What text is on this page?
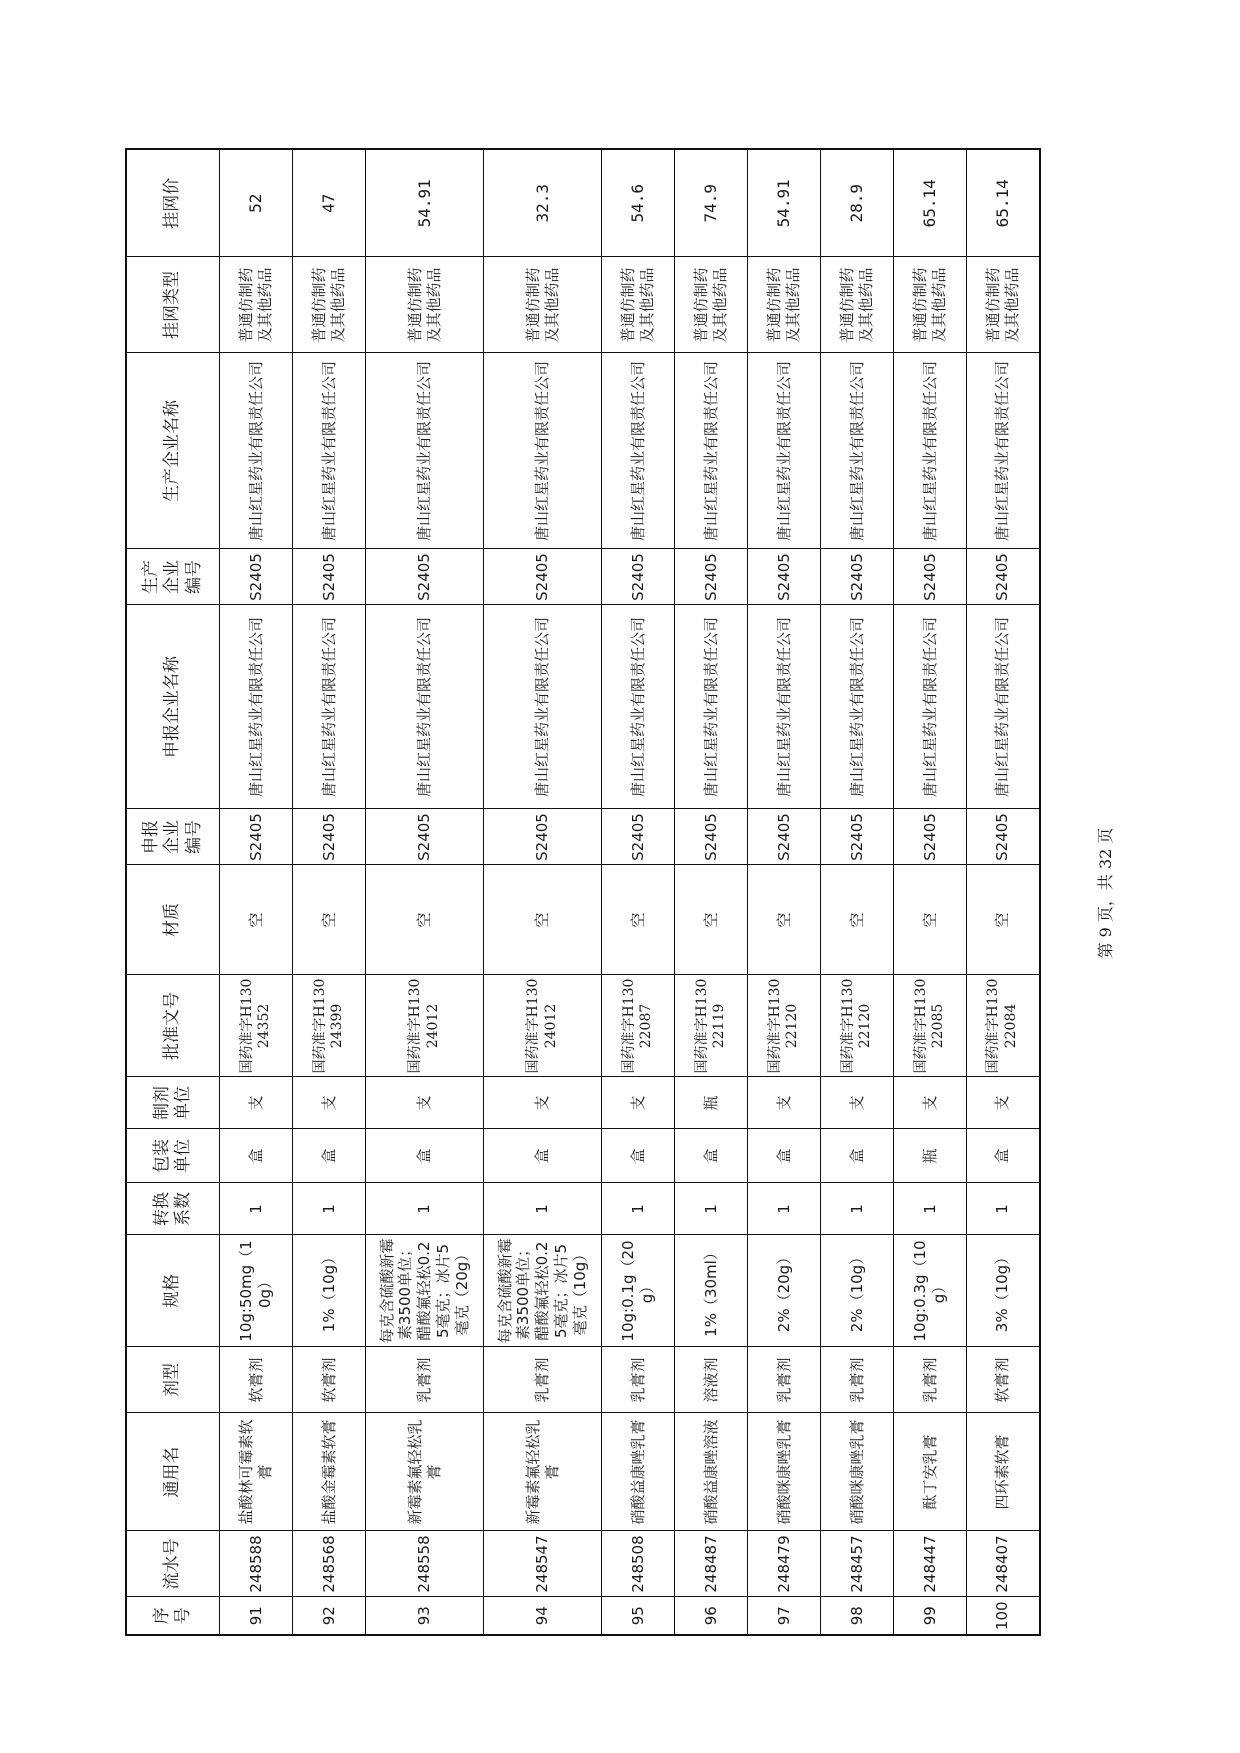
序号	流水号	通用名	剂型	规格	转换系数	包装单位	制剂单位	批准文号	材质	申报企业编号	申报企业名称	生产企业编号	生产企业名称	挂网类型	挂网价
91	248588	盐酸林可霉素软膏	软膏剂	10g:50mg（10g）	1	盒	支	国药准字H13024352	空	S2405	唐山红星药业有限责任公司	S2405	唐山红星药业有限责任公司	普通仿制药及其他药品	52
92	248568	盐酸金霉素软膏	软膏剂	1%（10g）	1	盒	支	国药准字H13024399	空	S2405	唐山红星药业有限责任公司	S2405	唐山红星药业有限责任公司	普通仿制药及其他药品	47
93	248558	新霉素氟轻松乳膏	乳膏剂	每克含硫酸新霉素3500单位；醋酸氟轻松0.25毫克；冰片5毫克（20g）	1	盒	支	国药准字H13024012	空	S2405	唐山红星药业有限责任公司	S2405	唐山红星药业有限责任公司	普通仿制药及其他药品	54.91
94	248547	新霉素氟轻松乳膏	乳膏剂	每克含硫酸新霉素3500单位；醋酸氟轻松0.25毫克；冰片5毫克（10g）	1	盒	支	国药准字H13024012	空	S2405	唐山红星药业有限责任公司	S2405	唐山红星药业有限责任公司	普通仿制药及其他药品	32.3
95	248508	硝酸益康唑乳膏	乳膏剂	10g:0.1g（20g）	1	盒	支	国药准字H13022087	空	S2405	唐山红星药业有限责任公司	S2405	唐山红星药业有限责任公司	普通仿制药及其他药品	54.6
96	248487	硝酸益康唑溶液	溶液剂	1%（30ml）	1	盒	瓶	国药准字H13022119	空	S2405	唐山红星药业有限责任公司	S2405	唐山红星药业有限责任公司	普通仿制药及其他药品	74.9
97	248479	硝酸咪康唑乳膏	乳膏剂	2%（20g）	1	盒	支	国药准字H13022120	空	S2405	唐山红星药业有限责任公司	S2405	唐山红星药业有限责任公司	普通仿制药及其他药品	54.91
98	248457	硝酸咪康唑乳膏	乳膏剂	2%（10g）	1	盒	支	国药准字H13022120	空	S2405	唐山红星药业有限责任公司	S2405	唐山红星药业有限责任公司	普通仿制药及其他药品	28.9
99	248447	酞丁安乳膏	乳膏剂	10g:0.3g（10g）	1	瓶	支	国药准字H13022085	空	S2405	唐山红星药业有限责任公司	S2405	唐山红星药业有限责任公司	普通仿制药及其他药品	65.14
100	248407	四环素软膏	软膏剂	3%（10g）	1	盒	支	国药准字H13022084	空	S2405	唐山红星药业有限责任公司	S2405	唐山红星药业有限责任公司	普通仿制药及其他药品	65.14
第 9 页，共 32 页
